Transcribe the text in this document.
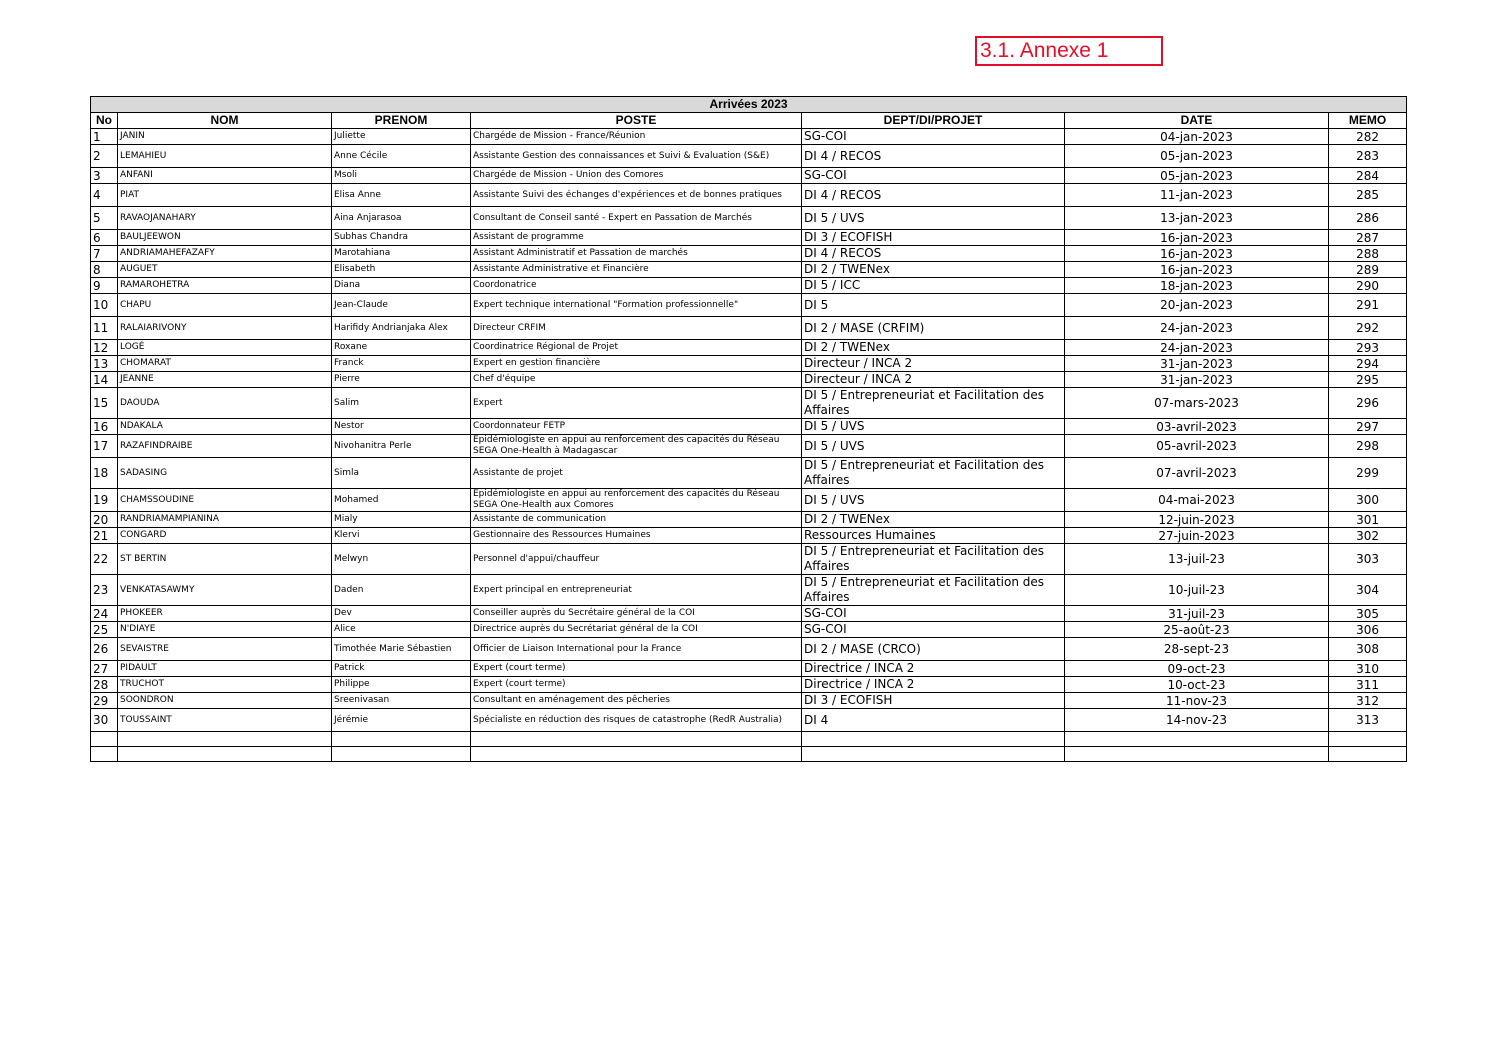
3.1. Annexe 1
Arrivées 2023						
No	NOM	PRENOM	POSTE	DEPT/DI/PROJET	DATE	MEMO
1	JANIN	Juliette	Chargéde de Mission - France/Réunion	SG-COI	04-jan-2023	282
2	LEMAHIEU	Anne Cécile	Assistante Gestion des connaissances et Suivi & Evaluation (S&E)	DI 4 / RECOS	05-jan-2023	283
3	ANFANI	Msoli	Chargéde de Mission - Union des Comores	SG-COI	05-jan-2023	284
4	PIAT	Elisa Anne	Assistante Suivi des échanges d'expériences et de bonnes pratiques	DI 4 / RECOS	11-jan-2023	285
5	RAVAOJANAHARY	Aina Anjarasoa	Consultant de Conseil santé - Expert en Passation de Marchés	DI 5 / UVS	13-jan-2023	286
6	BAULJEEWON	Subhas Chandra	Assistant de programme	DI 3 / ECOFISH	16-jan-2023	287
7	ANDRIAMAHEFAZAFY	Marotahiana	Assistant Administratif et Passation de marchés	DI 4 / RECOS	16-jan-2023	288
8	AUGUET	Elisabeth	Assistante Administrative et Financière	DI 2 / TWENex	16-jan-2023	289
9	RAMAROHETRA	Diana	Coordonatrice	DI 5 / ICC	18-jan-2023	290
10	CHAPU	Jean-Claude	Expert technique international "Formation professionnelle"	DI 5	20-jan-2023	291
11	RALAIARIVONY	Harifidy Andrianjaka Alex	Directeur CRFIM	DI 2 / MASE (CRFIM)	24-jan-2023	292
12	LOGÉ	Roxane	Coordinatrice Régional de Projet	DI 2 / TWENex	24-jan-2023	293
13	CHOMARAT	Franck	Expert en gestion financière	Directeur / INCA 2	31-jan-2023	294
14	JEANNE	Pierre	Chef d'équipe	Directeur / INCA 2	31-jan-2023	295
15	DAOUDA	Salim	Expert	DI 5 / Entrepreneuriat et Facilitation des Affaires	07-mars-2023	296
16	NDAKALA	Nestor	Coordonnateur FETP	DI 5 / UVS	03-avril-2023	297
17	RAZAFINDRAIBE	Nivohanitra Perle	Epidémiologiste en appui au renforcement des capacités du Réseau SEGA One-Health à Madagascar	DI 5 / UVS	05-avril-2023	298
18	SADASING	Simla	Assistante de projet	DI 5 / Entrepreneuriat et Facilitation des Affaires	07-avril-2023	299
19	CHAMSSOUDINE	Mohamed	Epidémiologiste en appui au renforcement des capacités du Réseau SEGA One-Health aux Comores	DI 5 / UVS	04-mai-2023	300
20	RANDRIAMAMPIANINA	Mialy	Assistante de communication	DI 2 / TWENex	12-juin-2023	301
21	CONGARD	Klervi	Gestionnaire des Ressources Humaines	Ressources Humaines	27-juin-2023	302
22	ST BERTIN	Melwyn	Personnel d'appui/chauffeur	DI 5 / Entrepreneuriat et Facilitation des Affaires	13-juil-23	303
23	VENKATASAWMY	Daden	Expert principal en entrepreneuriat	DI 5 / Entrepreneuriat et Facilitation des Affaires	10-juil-23	304
24	PHOKEER	Dev	Conseiller auprès du Secrétaire général de la COI	SG-COI	31-juil-23	305
25	N'DIAYE	Alice	Directrice auprès du Secrétariat général de la COI	SG-COI	25-août-23	306
26	SEVAISTRE	Timothée Marie Sébastien	Officier de Liaison International pour la France	DI 2 / MASE (CRCO)	28-sept-23	308
27	PIDAULT	Patrick	Expert (court terme)	Directrice / INCA 2	09-oct-23	310
28	TRUCHOT	Philippe	Expert (court terme)	Directrice / INCA 2	10-oct-23	311
29	SOONDRON	Sreenivasan	Consultant en aménagement des pêcheries	DI 3 / ECOFISH	11-nov-23	312
30	TOUSSAINT	Jérémie	Spécialiste en réduction des risques de catastrophe (RedR Australia)	DI 4	14-nov-23	313
